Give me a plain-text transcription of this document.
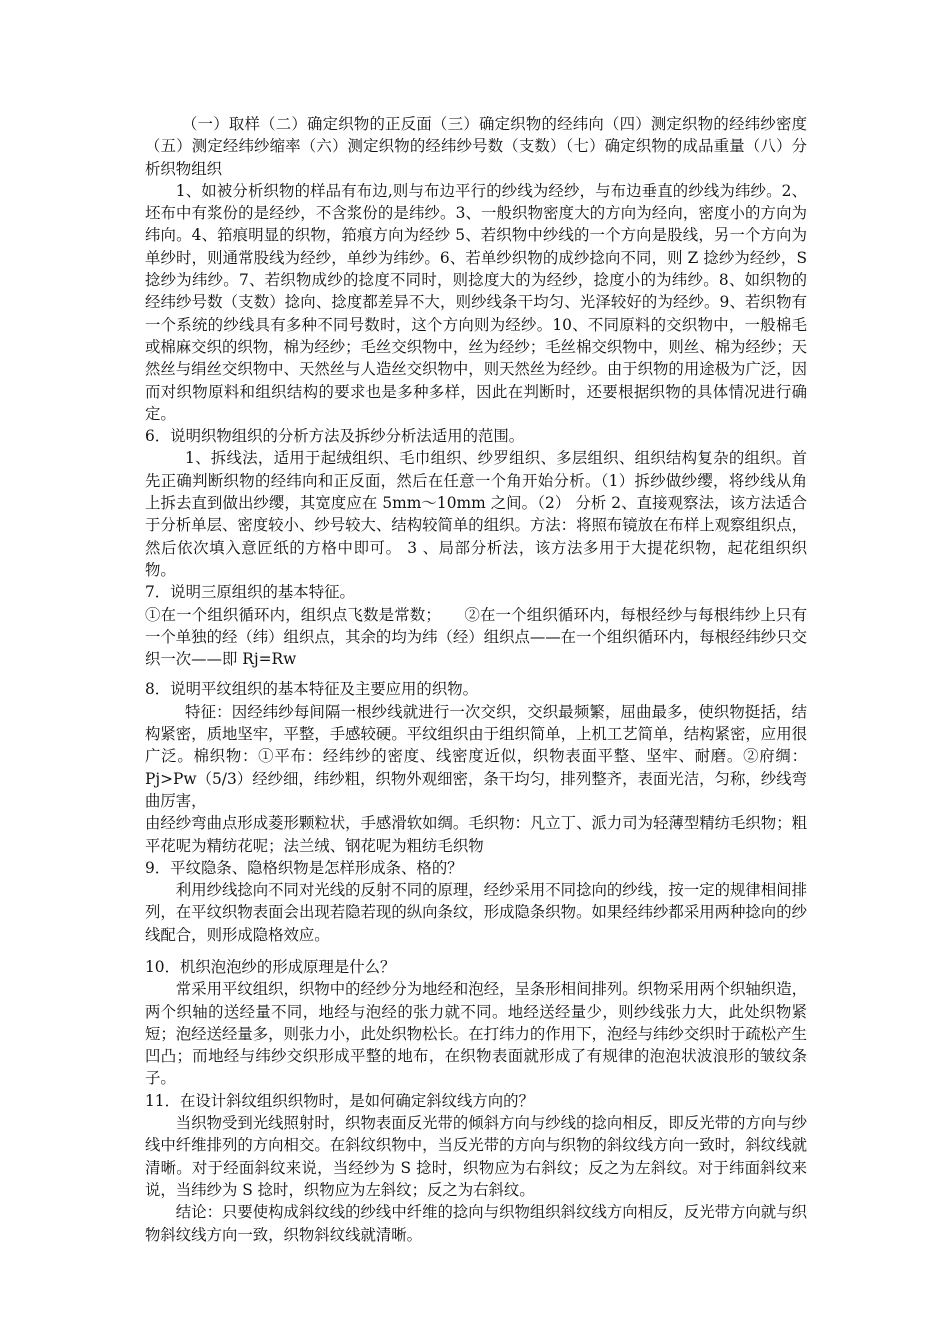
（一）取样（二）确定织物的正反面（三）确定织物的经纬向（四）测定织物的经纬纱密度（五）测定经纬纱缩率（六）测定织物的经纬纱号数（支数）（七）确定织物的成品重量（八）分析织物组织

1、如被分析织物的样品有布边,则与布边平行的纱线为经纱，与布边垂直的纱线为纬纱。2、坯布中有浆份的是经纱，不含浆份的是纬纱。3、一般织物密度大的方向为经向，密度小的方向为纬向。4、筘痕明显的织物，筘痕方向为经纱 5、若织物中纱线的一个方向是股线，另一个方向为单纱时，则通常股线为经纱，单纱为纬纱。6、若单纱织物的成纱捻向不同，则 Z 捻纱为经纱，S 捻纱为纬纱。7、若织物成纱的捻度不同时，则捻度大的为经纱，捻度小的为纬纱。8、如织物的经纬纱号数（支数）捻向、捻度都差异不大，则纱线条干均匀、光泽较好的为经纱。9、若织物有一个系统的纱线具有多种不同号数时，这个方向则为经纱。10、不同原料的交织物中，一般棉毛或棉麻交织的织物，棉为经纱；毛丝交织物中，丝为经纱；毛丝棉交织物中，则丝、棉为经纱；天然丝与绢丝交织物中、天然丝与人造丝交织物中，则天然丝为经纱。由于织物的用途极为广泛，因而对织物原料和组织结构的要求也是多种多样，因此在判断时，还要根据织物的具体情况进行确定。

6．说明织物组织的分析方法及拆纱分析法适用的范围。

1、拆线法，适用于起绒组织、毛巾组织、纱罗组织、多层组织、组织结构复杂的组织。首先正确判断织物的经纬向和正反面，然后在任意一个角开始分析。（1）拆纱做纱缨，将纱线从角上拆去直到做出纱缨，其宽度应在 5mm～10mm 之间。（2） 分析 2、直接观察法，该方法适合于分析单层、密度较小、纱号较大、结构较简单的组织。方法：将照布镜放在布样上观察组织点，然后依次填入意匠纸的方格中即可。 3 、局部分析法，该方法多用于大提花织物，起花组织织物。

7．说明三原组织的基本特征。

①在一个组织循环内，组织点飞数是常数；　　②在一个组织循环内，每根经纱与每根纬纱上只有一个单独的经（纬）组织点，其余的均为纬（经）组织点——在一个组织循环内，每根经纬纱只交织一次——即 Rj=Rw

8．说明平纹组织的基本特征及主要应用的织物。

特征：因经纬纱每间隔一根纱线就进行一次交织，交织最频繁，屈曲最多，使织物挺括，结构紧密，质地坚牢，平整，手感较硬。平纹组织由于组织简单，上机工艺简单，结构紧密，应用很广泛。棉织物：①平布：经纬纱的密度、线密度近似，织物表面平整、坚牢、耐磨。②府绸：Pj>Pw（5/3）经纱细，纬纱粗，织物外观细密，条干均匀，排列整齐，表面光洁，匀称，纱线弯曲厉害，

由经纱弯曲点形成菱形颗粒状，手感滑软如绸。毛织物：凡立丁、派力司为轻薄型精纺毛织物；粗平花呢为精纺花呢；法兰绒、钢花呢为粗纺毛织物

9．平纹隐条、隐格织物是怎样形成条、格的？

利用纱线捻向不同对光线的反射不同的原理，经纱采用不同捻向的纱线，按一定的规律相间排列，在平纹织物表面会出现若隐若现的纵向条纹，形成隐条织物。如果经纬纱都采用两种捻向的纱线配合，则形成隐格效应。

10．机织泡泡纱的形成原理是什么？

常采用平纹组织，织物中的经纱分为地经和泡经，呈条形相间排列。织物采用两个织轴织造，两个织轴的送经量不同，地经与泡经的张力就不同。地经送经量少，则纱线张力大，此处织物紧短；泡经送经量多，则张力小，此处织物松长。在打纬力的作用下，泡经与纬纱交织时于疏松产生凹凸；而地经与纬纱交织形成平整的地布，在织物表面就形成了有规律的泡泡状波浪形的皱纹条子。

11．在设计斜纹组织织物时，是如何确定斜纹线方向的？

当织物受到光线照射时，织物表面反光带的倾斜方向与纱线的捻向相反，即反光带的方向与纱线中纤维排列的方向相交。在斜纹织物中，当反光带的方向与织物的斜纹线方向一致时，斜纹线就清晰。对于经面斜纹来说，当经纱为 S 捻时，织物应为右斜纹；反之为左斜纹。对于纬面斜纹来说，当纬纱为 S 捻时，织物应为左斜纹；反之为右斜纹。

结论：只要使构成斜纹线的纱线中纤维的捻向与织物组织斜纹线方向相反，反光带方向就与织物斜纹线方向一致，织物斜纹线就清晰。
